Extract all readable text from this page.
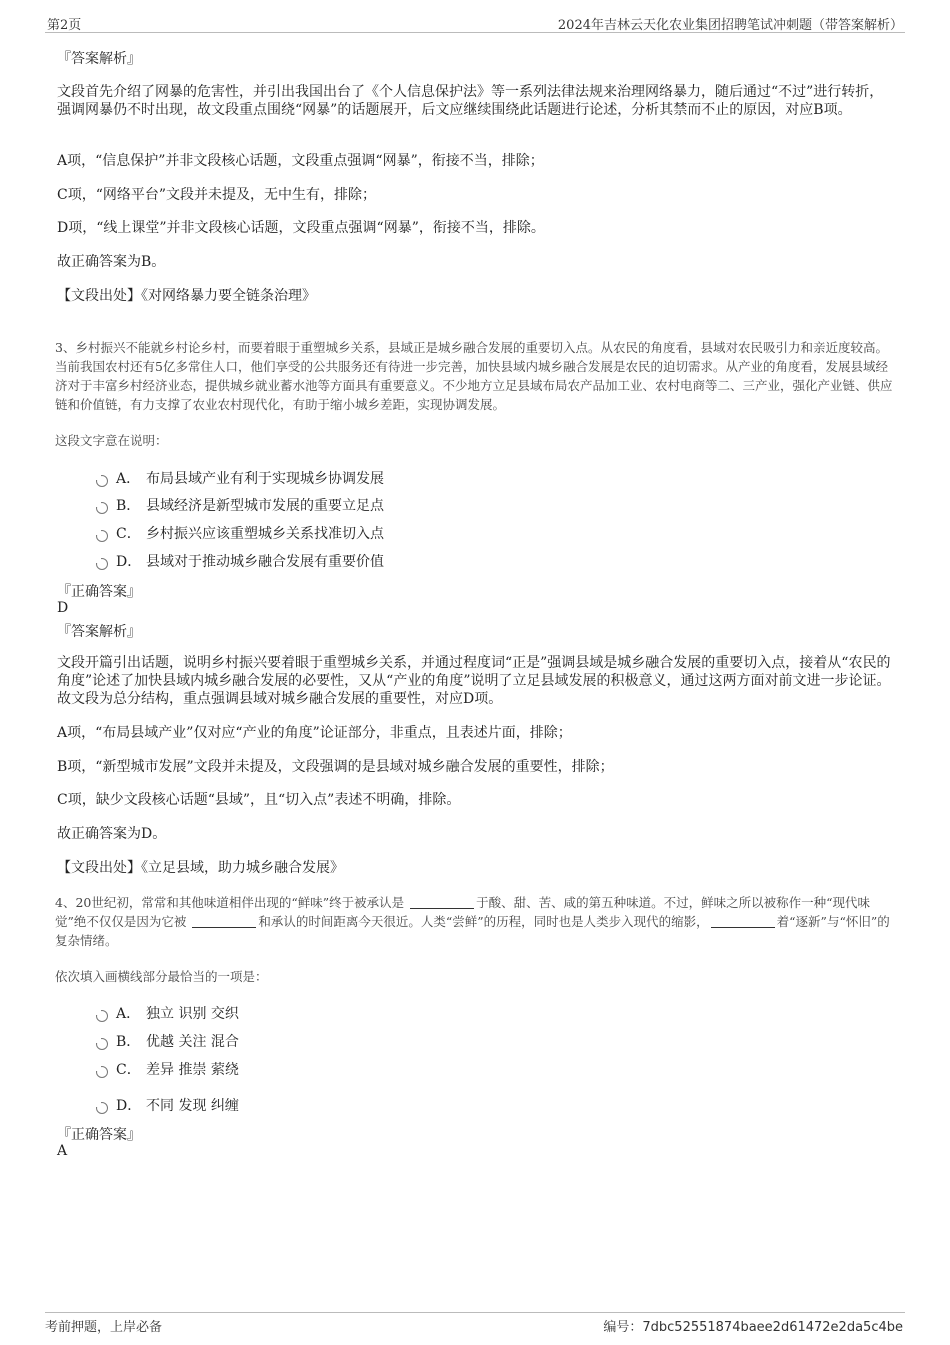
第2页	2024年吉林云天化农业集团招聘笔试冲刺题（带答案解析）
『答案解析』
文段首先介绍了网暴的危害性，并引出我国出台了《个人信息保护法》等一系列法律法规来治理网络暴力，随后通过“不过”进行转折，强调网暴仍不时出现，故文段重点围绕“网暴”的话题展开，后文应继续围绕此话题进行论述，分析其禁而不止的原因，对应B项。
A项，“信息保护”并非文段核心话题，文段重点强调“网暴”，衔接不当，排除；
C项，“网络平台”文段并未提及，无中生有，排除；
D项，“线上课堂”并非文段核心话题，文段重点强调“网暴”，衔接不当，排除。
故正确答案为B。
【文段出处】《对网络暴力要全链条治理》
3、乡村振兴不能就乡村论乡村，而要着眼于重塑城乡关系，县域正是城乡融合发展的重要切入点。从农民的角度看，县域对农民吸引力和亲近度较高。当前我国农村还有5亿多常住人口，他们享受的公共服务还有待进一步完善，加快县域内城乡融合发展是农民的迫切需求。从产业的角度看，发展县域经济对于丰富乡村经济业态，提供城乡就业蓄水池等方面具有重要意义。不少地方立足县域布局农产品加工业、农村电商等二、三产业，强化产业链、供应链和价值链，有力支撑了农业农村现代化，有助于缩小城乡差距，实现协调发展。
这段文字意在说明：
A． 布局县域产业有利于实现城乡协调发展
B． 县域经济是新型城市发展的重要立足点
C． 乡村振兴应该重塑城乡关系找准切入点
D． 县域对于推动城乡融合发展有重要价值
『正确答案』
D
『答案解析』
文段开篇引出话题，说明乡村振兴要着眼于重塑城乡关系，并通过程度词“正是”强调县域是城乡融合发展的重要切入点，接着从“农民的角度”论述了加快县域内城乡融合发展的必要性，又从“产业的角度”说明了立足县域发展的积极意义，通过这两方面对前文进一步论证。故文段为总分结构，重点强调县域对城乡融合发展的重要性，对应D项。
A项，“布局县域产业”仅对应“产业的角度”论证部分，非重点，且表述片面，排除；
B项，“新型城市发展”文段并未提及，文段强调的是县域对城乡融合发展的重要性，排除；
C项，缺少文段核心话题“县域”，且“切入点”表述不明确，排除。
故正确答案为D。
【文段出处】《立足县域，助力城乡融合发展》
4、20世纪初，常常和其他味道相伴出现的“鲜味”终于被承认是	于酸、甜、苦、咸的第五种味道。不过，鲜味之所以被称作一种“现代味觉”绝不仅仅是因为它被	和承认的时间距离今天很近。人类“尝鲜”的历程，同时也是人类步入现代的缩影，	着“逐新”与“怀旧”的复杂情绪。
依次填入画横线部分最恰当的一项是：
A． 独立 识别 交织
B． 优越 关注 混合
C． 差异 推崇 萦绕
D． 不同 发现 纠缠
『正确答案』
A
考前押题，上岸必备	编号：7dbc52551874baee2d61472e2da5c4be
